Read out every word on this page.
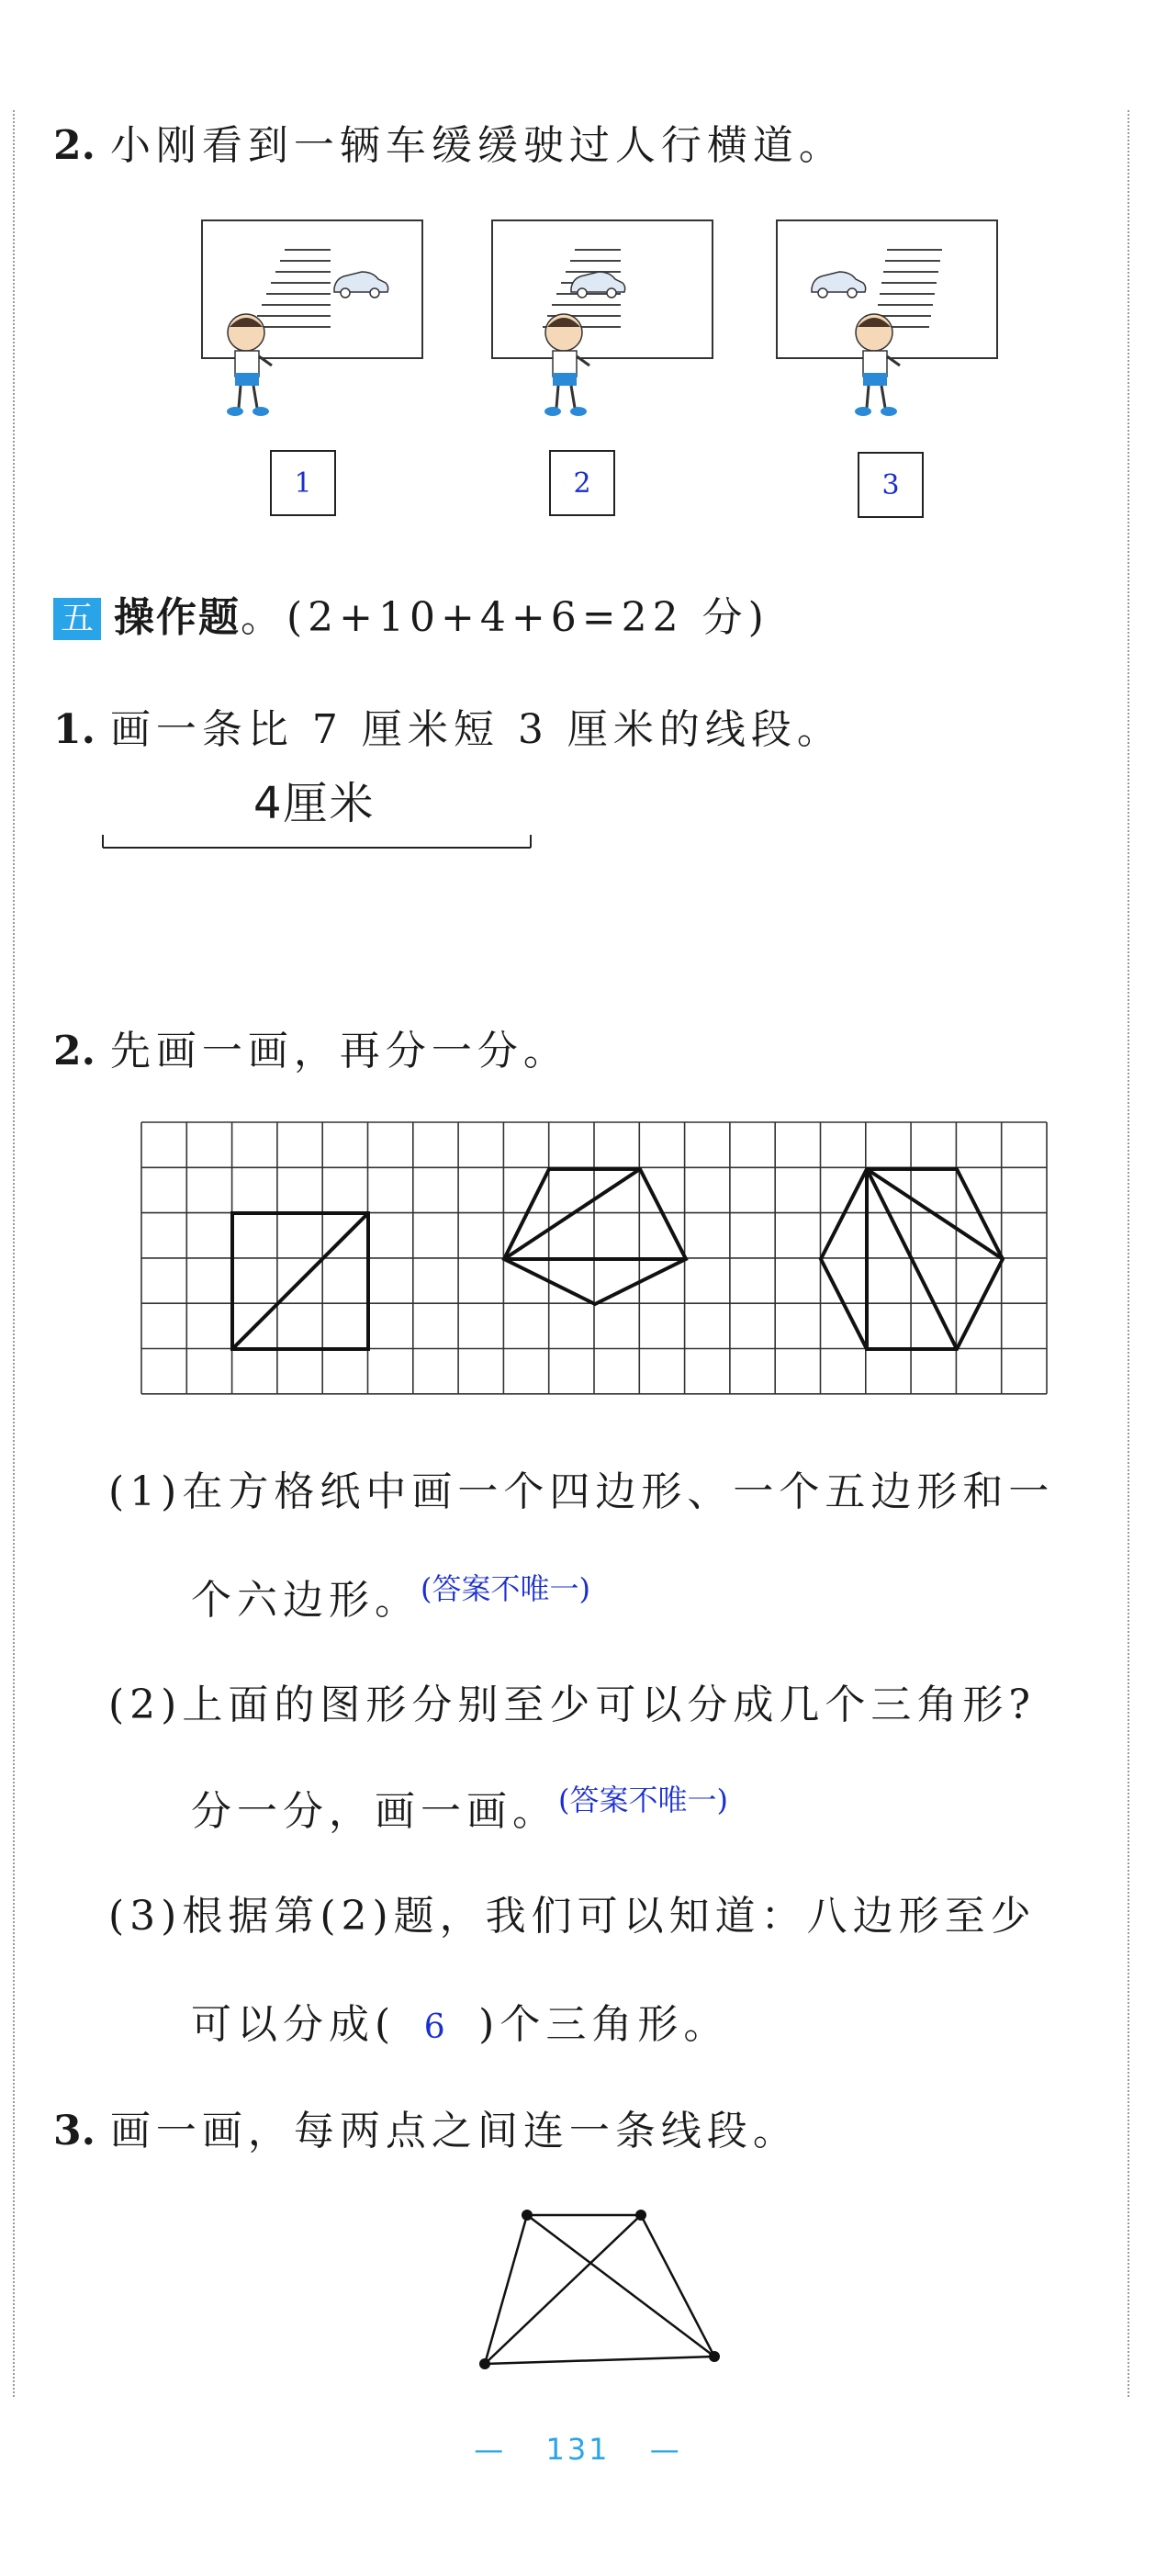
2. 小刚看到一辆车缓缓驶过人行横道。
1	2	3
五 操作题。(2+10+4+6=22 分)
1. 画一条比 7 厘米短 3 厘米的线段。
4厘米
2. 先画一画，再分一分。
(1)在方格纸中画一个四边形、一个五边形和一
个六边形。$^{(答案不唯一)}$
(2)上面的图形分别至少可以分成几个三角形?
分一分，画一画。$^{(答案不唯一)}$
(3)根据第(2)题，我们可以知道：八边形至少
可以分成( 6 )个三角形。
3. 画一画，每两点之间连一条线段。
— 131 —
